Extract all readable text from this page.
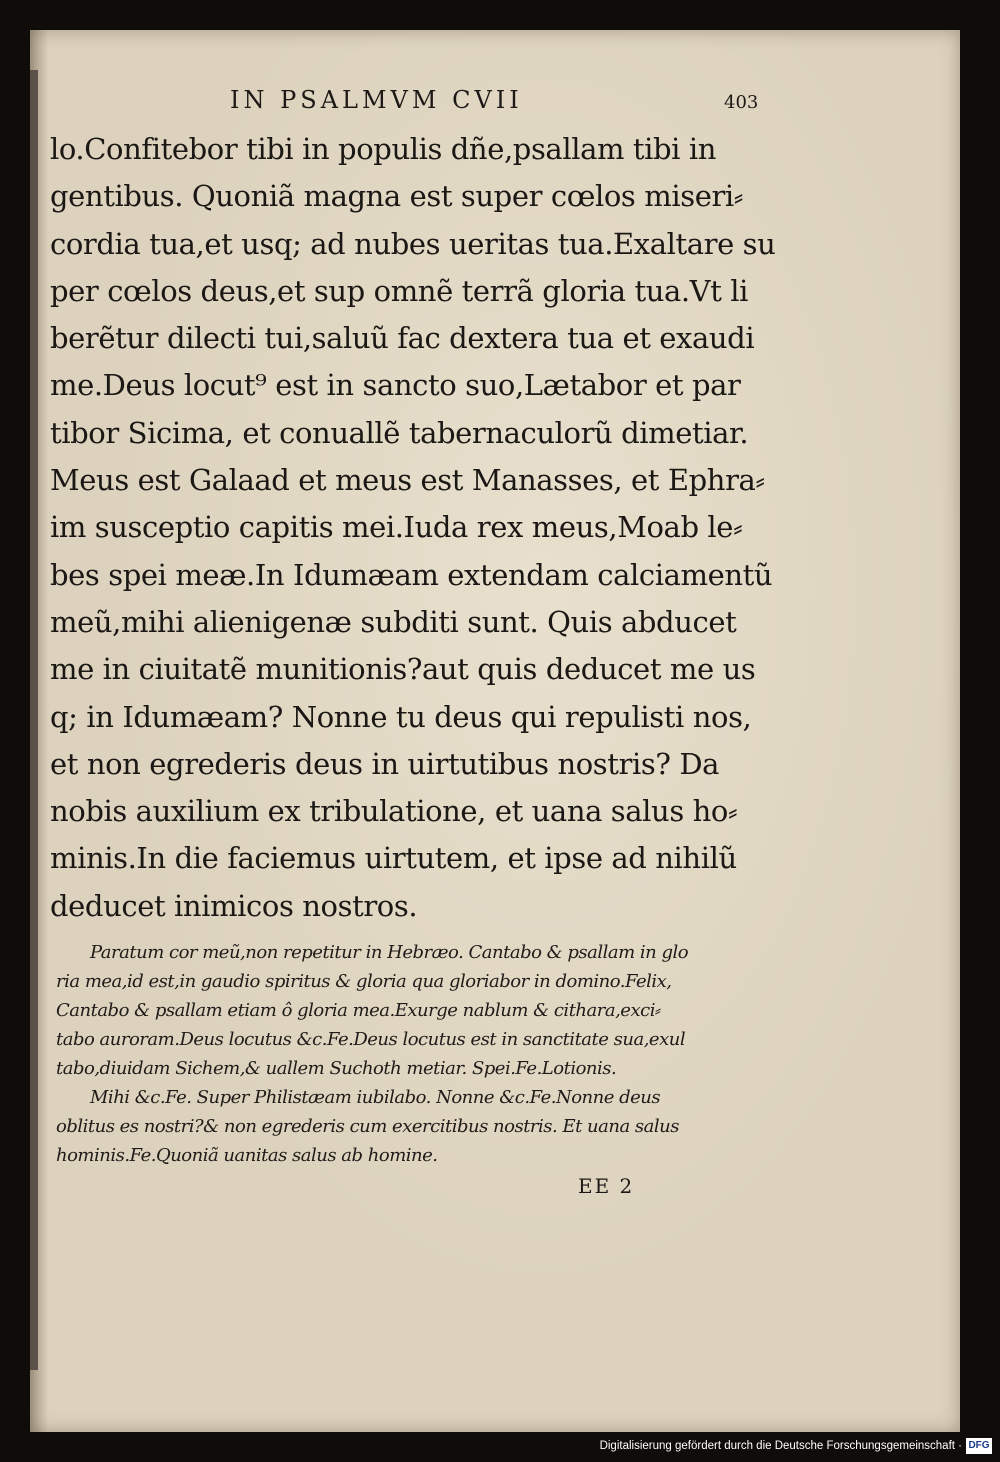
IN PSALMVM CVII	403
lo.Confitebor tibi in populis dñe,psallam tibi in
gentibus. Quoniã magna est super cœlos miseri⸗
cordia tua,et usq; ad nubes ueritas tua.Exaltare su
per cœlos deus,et sup omnẽ terrã gloria tua.Vt li
berẽtur dilecti tui,saluũ fac dextera tua et exaudi
me.Deus locut⁹ est in sancto suo,Lætabor et par
tibor Sicima, et conuallẽ tabernaculorũ dimetiar.
Meus est Galaad et meus est Manasses, et Ephra⸗
im susceptio capitis mei.Iuda rex meus,Moab le⸗
bes spei meæ.In Idumæam extendam calciamentũ
meũ,mihi alienigenæ subditi sunt. Quis abducet
me in ciuitatẽ munitionis?aut quis deducet me us
q; in Idumæam? Nonne tu deus qui repulisti nos,
et non egrederis deus in uirtutibus nostris? Da
nobis auxilium ex tribulatione, et uana salus ho⸗
minis.In die faciemus uirtutem, et ipse ad nihilũ
deducet inimicos nostros.
Paratum cor meũ,non repetitur in Hebræo. Cantabo & psallam in glo
ria mea,id est,in gaudio spiritus & gloria qua gloriabor in domino.Felix,
Cantabo & psallam etiam ô gloria mea.Exurge nablum & cithara,exci⸗
tabo auroram.Deus locutus &c.Fe.Deus locutus est in sanctitate sua,exul
tabo,diuidam Sichem,& uallem Suchoth metiar. Spei.Fe.Lotionis.
Mihi &c.Fe. Super Philistæam iubilabo. Nonne &c.Fe.Nonne deus
oblitus es nostri?& non egrederis cum exercitibus nostris. Et uana salus
hominis.Fe.Quoniã uanitas salus ab homine.
EE 2
Digitalisierung gefördert durch die Deutsche Forschungsgemeinschaft · DFG
